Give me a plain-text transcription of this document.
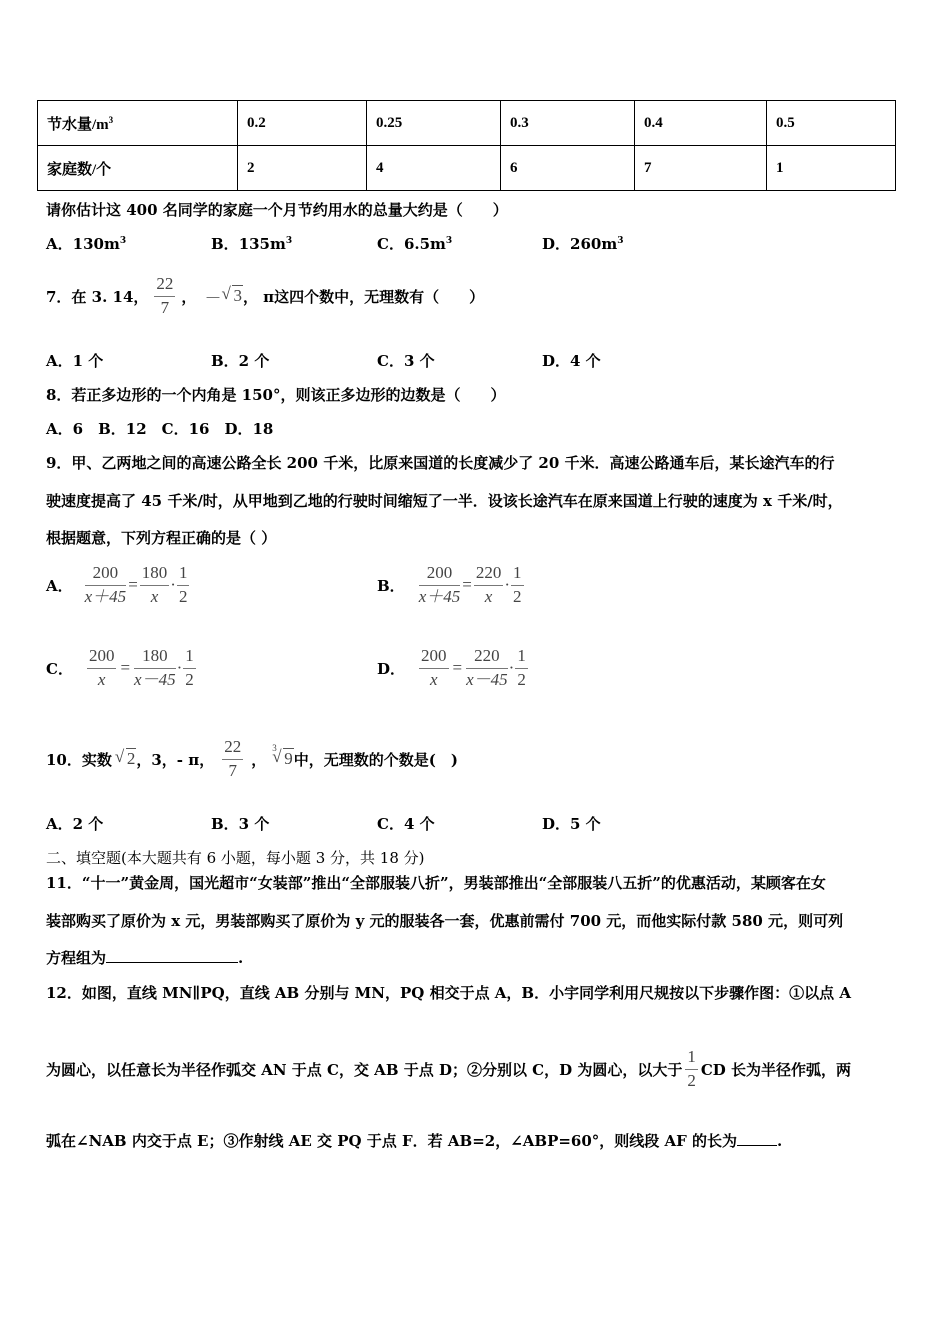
节水量$/m^3$	0.2	0.25	0.3	0.4	0.5
家庭数/个	2	4	6	7	1
请你估计这 400 名同学的家庭一个月节约用水的总量大约是（　　）
A．$130m^3$	B．$135m^3$	C．$6.5m^3$	D．$260m^3$
7．在 3. 14， $\frac{22}{7}$ ， － √ 3 ， π 这四个数中，无理数有（　　）
A．1 个	B．2 个	C．3 个	D．4 个
8．若正多边形的一个内角是 150°，则该正多边形的边数是（　　）
A．6　B．12　C．16　D．18
9．甲、乙两地之间的高速公路全长 200 千米，比原来国道的长度减少了 20 千米．高速公路通车后，某长途汽车的行
驶速度提高了 45 千米/时，从甲地到乙地的行驶时间缩短了一半．设该长途汽车在原来国道上行驶的速度为 x 千米/时，
根据题意，下列方程正确的是（ ）
A． $\frac{200}{x+45} = \frac{180}{x} \cdot \frac{1}{2}$	B． $\frac{200}{x+45} = \frac{220}{x} \cdot \frac{1}{2}$
C． $\frac{200}{x} = \frac{180}{x-45} \cdot \frac{1}{2}$	D． $\frac{200}{x} = \frac{220}{x-45} \cdot \frac{1}{2}$
10．实数 √ 2 ，3，- π， $\frac{22}{7}$ ，
√ 3
9 中，无理数的个数是(　)
A．2 个	B．3 个	C．4 个	D．5 个
二、填空题(本大题共有 6 小题，每小题 3 分，共 18 分)
11．“十一”黄金周，国光超市“女装部”推出“全部服装八折”，男装部推出“全部服装八五折”的优惠活动，某顾客在女
装部购买了原价为 x 元，男装部购买了原价为 y 元的服装各一套，优惠前需付 700 元，而他实际付款 580 元，则可列
方程组为	.
12．如图，直线 MN∥PQ，直线 AB 分别与 MN，PQ 相交于点 A，B．小宇同学利用尺规按以下步骤作图：①以点 A
为圆心，以任意长为半径作弧交 AN 于点 C，交 AB 于点 D；②分别以 C，D 为圆心，以大于 $\frac{1}{2}$ CD 长为半径作弧，两
弧在∠NAB 内交于点 E；③作射线 AE 交 PQ 于点 F．若 AB=2，∠ABP=60°，则线段 AF 的长为	.
